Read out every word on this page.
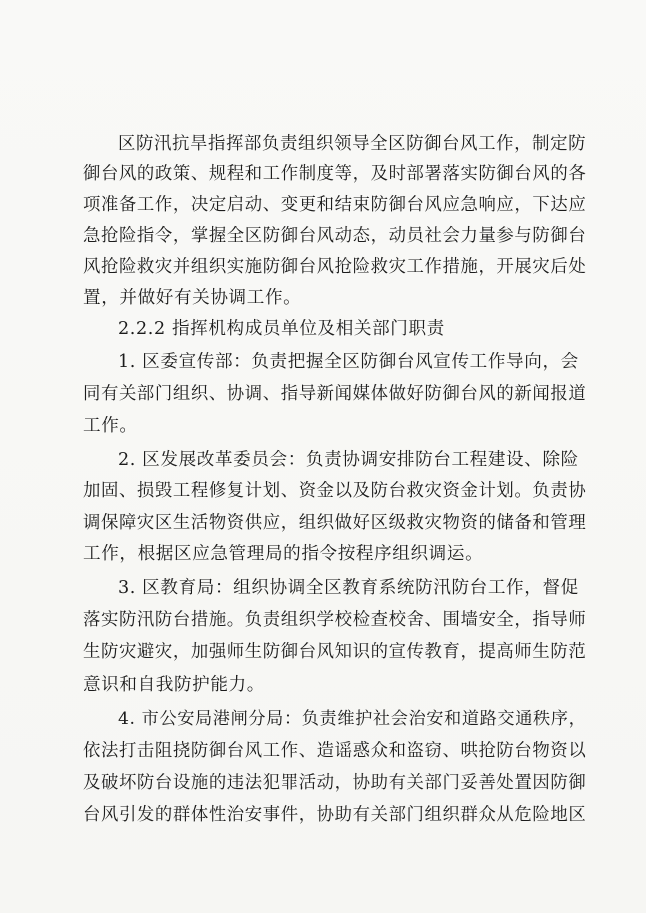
区防汛抗旱指挥部负责组织领导全区防御台风工作，制定防
御台风的政策、规程和工作制度等，及时部署落实防御台风的各
项准备工作，决定启动、变更和结束防御台风应急响应，下达应
急抢险指令，掌握全区防御台风动态，动员社会力量参与防御台
风抢险救灾并组织实施防御台风抢险救灾工作措施，开展灾后处
置，并做好有关协调工作。
2.2.2 指挥机构成员单位及相关部门职责
1. 区委宣传部：负责把握全区防御台风宣传工作导向，会
同有关部门组织、协调、指导新闻媒体做好防御台风的新闻报道
工作。
2. 区发展改革委员会：负责协调安排防台工程建设、除险
加固、损毁工程修复计划、资金以及防台救灾资金计划。负责协
调保障灾区生活物资供应，组织做好区级救灾物资的储备和管理
工作，根据区应急管理局的指令按程序组织调运。
3. 区教育局：组织协调全区教育系统防汛防台工作，督促
落实防汛防台措施。负责组织学校检查校舍、围墙安全，指导师
生防灾避灾，加强师生防御台风知识的宣传教育，提高师生防范
意识和自我防护能力。
4. 市公安局港闸分局：负责维护社会治安和道路交通秩序，
依法打击阻挠防御台风工作、造谣惑众和盗窃、哄抢防台物资以
及破坏防台设施的违法犯罪活动，协助有关部门妥善处置因防御
台风引发的群体性治安事件，协助有关部门组织群众从危险地区
